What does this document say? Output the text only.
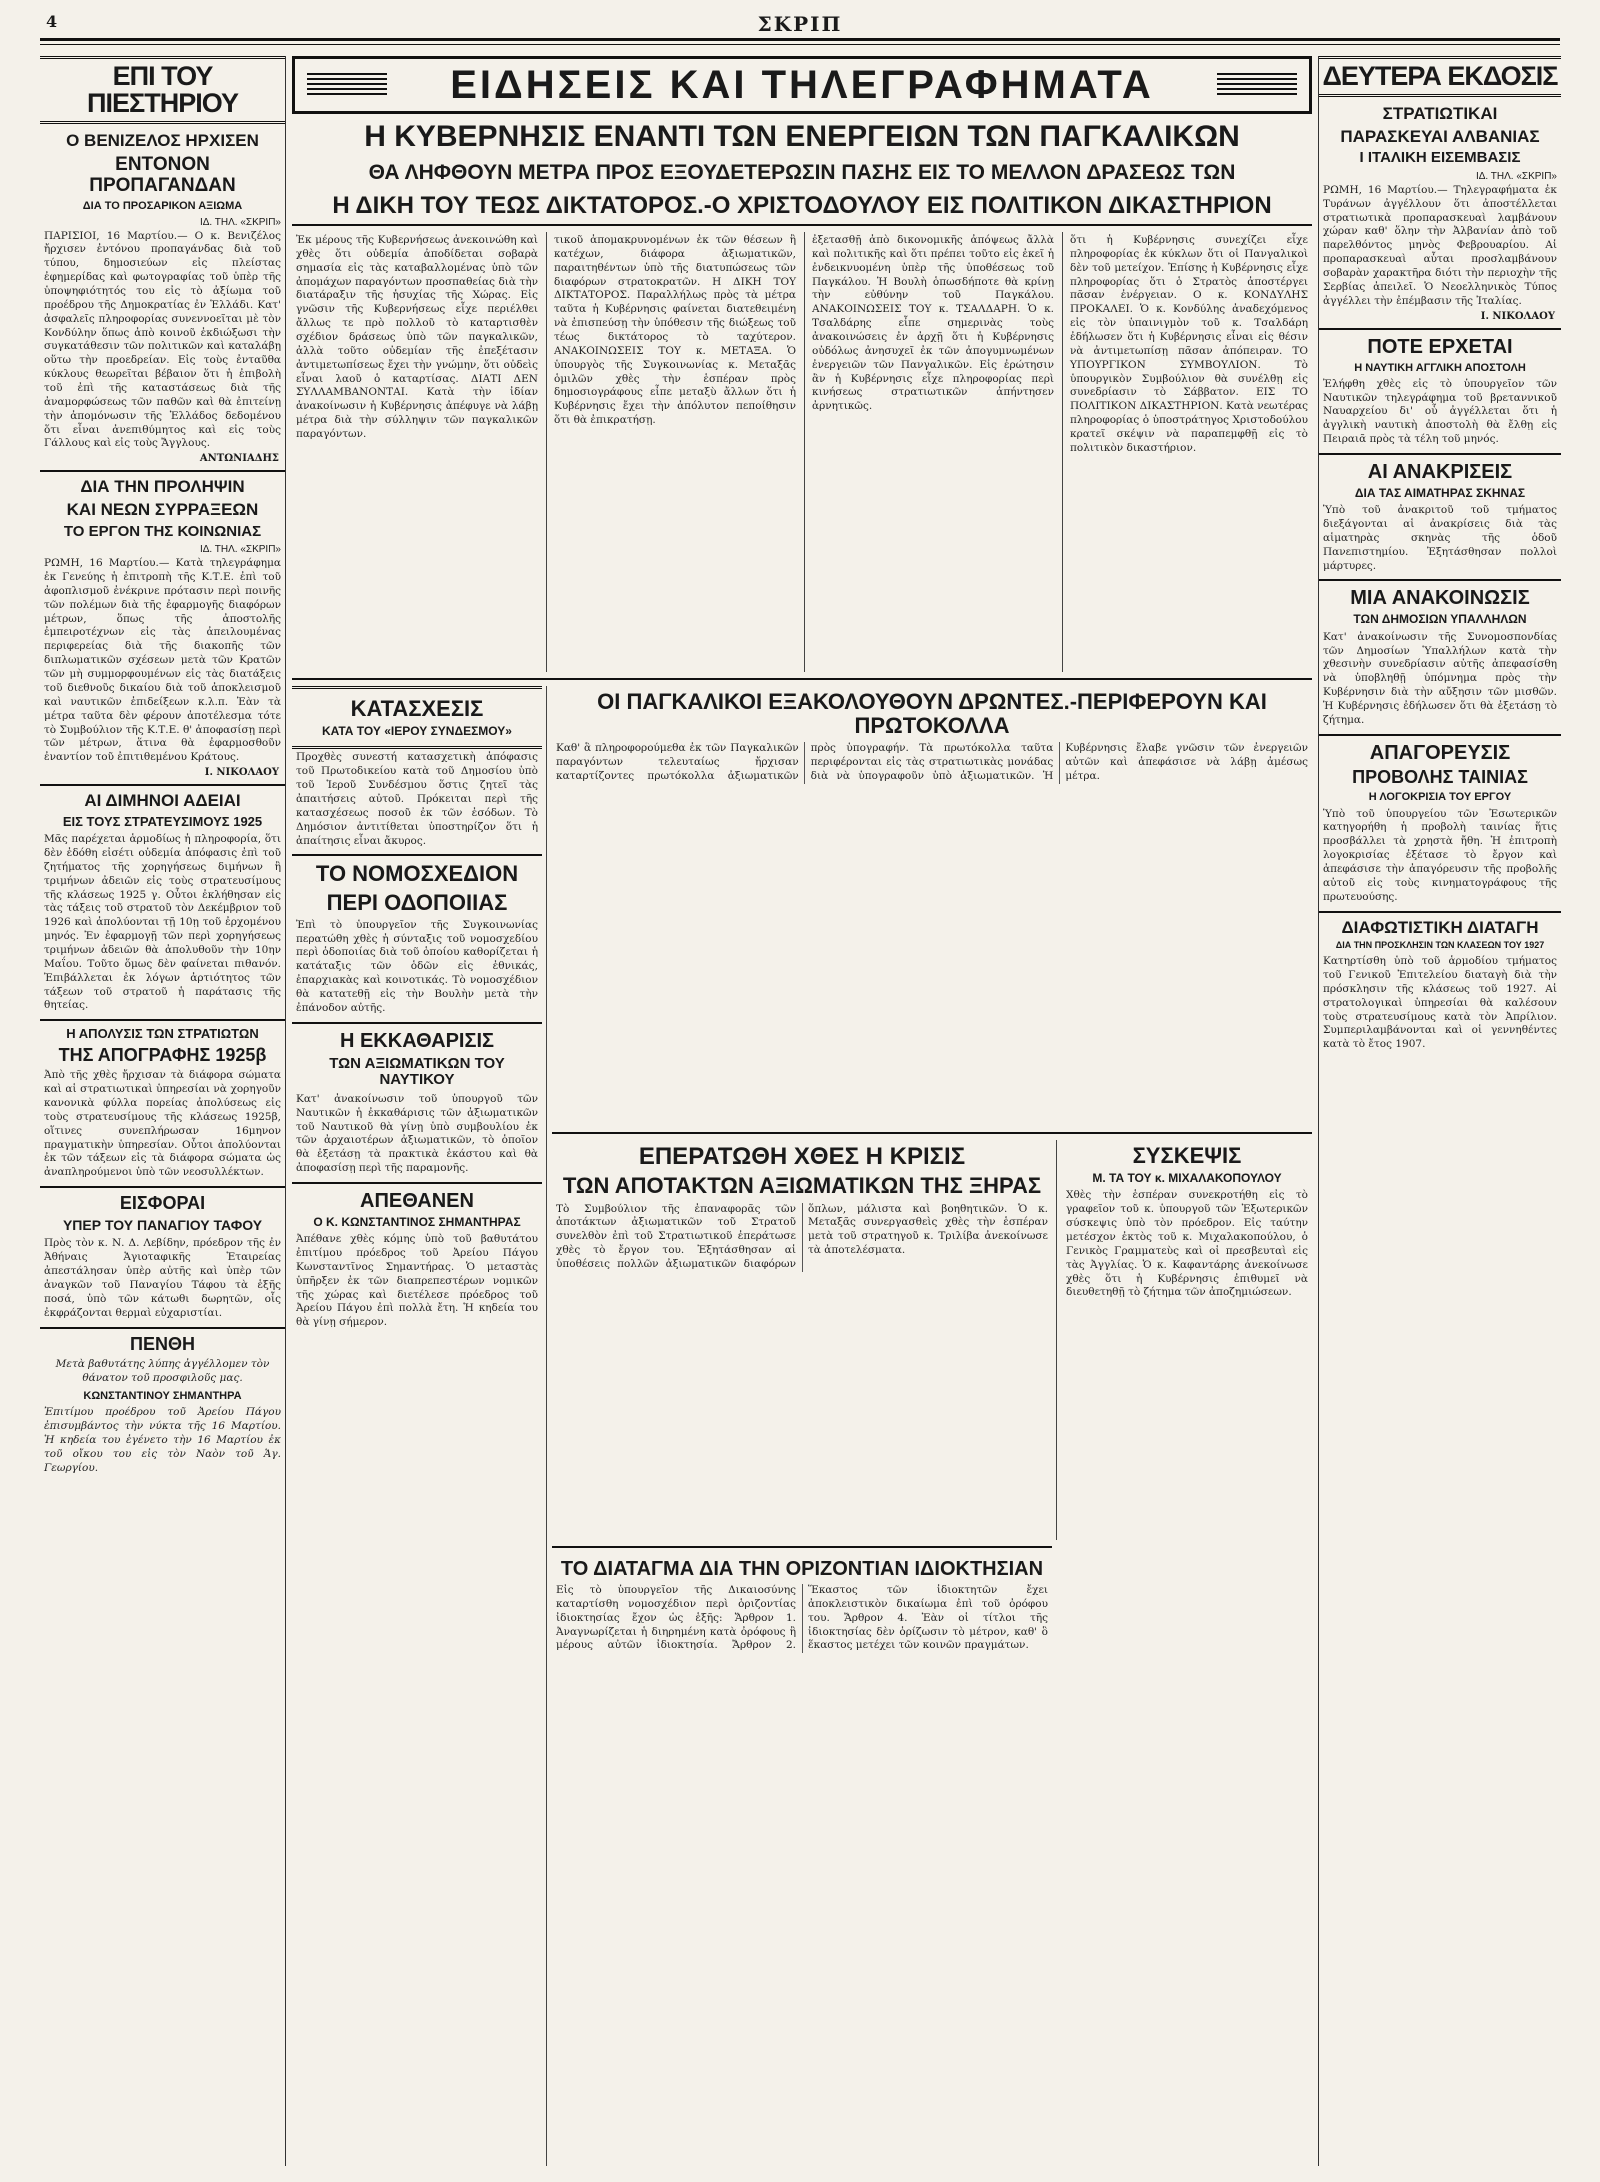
4	ΣΚΡΙΠ
ΕΠΙ ΤΟΥ ΠΙΕΣΤΗΡΙΟΥ
Ο ΒΕΝΙΖΕΛΟΣ ΗΡΧΙΣΕΝ
ΕΝΤΟΝΟΝ ΠΡΟΠΑΓΑΝΔΑΝ
ΔΙΑ ΤΟ ΠΡΟΣΑΡΙΚΟΝ ΑΞΙΩΜΑ
ΙΔ. ΤΗΛ. «ΣΚΡΙΠ»

ΠΑΡΙΣΙΟΙ, 16 Μαρτίου.— Ο κ. Βενιζέλος ἤρχισεν ἐντόνου προπαγάνδας διὰ τοῦ τύπου, δημοσιεύων εἰς πλείστας ἐφημερίδας καὶ φωτογραφίας τοῦ ὑπὲρ τῆς ὑποψηφιότητός του εἰς τὸ ἀξίωμα τοῦ προέδρου τῆς Δημοκρατίας ἐν Ἑλλάδι. Κατ' ἀσφαλεῖς πληροφορίας συνεννοεῖται μὲ τὸν Κονδύλην ὅπως ἀπὸ κοινοῦ ἐκδιώξωσι τὴν συγκατάθεσιν τῶν πολιτικῶν καὶ καταλάβῃ οὕτω τὴν προεδρείαν. Εἰς τοὺς ἐνταῦθα κύκλους θεωρεῖται βέβαιον ὅτι ἡ ἐπιβολὴ τοῦ ἐπὶ τῆς καταστάσεως διὰ τῆς ἀναμορφώσεως τῶν παθῶν καὶ θὰ ἐπιτείνῃ τὴν ἀπομόνωσιν τῆς Ἑλλάδος δεδομένου ὅτι εἶναι ἀνεπιθύμητος καὶ εἰς τοὺς Γάλλους καὶ εἰς τοὺς Ἄγγλους.

ΑΝΤΩΝΙΑΔΗΣ
ΔΙΑ ΤΗΝ ΠΡΟΛΗΨΙΝ
ΚΑΙ ΝΕΩΝ ΣΥΡΡΑΞΕΩΝ
ΤΟ ΕΡΓΟΝ ΤΗΣ ΚΟΙΝΩΝΙΑΣ
ΙΔ. ΤΗΛ. «ΣΚΡΙΠ»

ΡΩΜΗ, 16 Μαρτίου.— Κατὰ τηλεγράφημα ἐκ Γενεύης ἡ ἐπιτροπὴ τῆς Κ.Τ.Ε. ἐπὶ τοῦ ἀφοπλισμοῦ ἐνέκρινε πρότασιν περὶ ποινῆς τῶν πολέμων διὰ τῆς ἐφαρμογῆς διαφόρων μέτρων, ὅπως τῆς ἀποστολῆς ἐμπειροτέχνων εἰς τὰς ἀπειλουμένας περιφερείας διὰ τῆς διακοπῆς τῶν διπλωματικῶν σχέσεων μετὰ τῶν Κρατῶν τῶν μὴ συμμορφουμένων εἰς τὰς διατάξεις τοῦ διεθνοῦς δικαίου διὰ τοῦ ἀποκλεισμοῦ καὶ ναυτικῶν ἐπιδείξεων κ.λ.π. Ἐὰν τὰ μέτρα ταῦτα δὲν φέρουν ἀποτέλεσμα τότε τὸ Συμβούλιον τῆς Κ.Τ.Ε. θ' ἀποφασίσῃ περὶ τῶν μέτρων, ἅτινα θὰ ἐφαρμοσθοῦν ἐναντίον τοῦ ἐπιτιθεμένου Κράτους.

Ι. ΝΙΚΟΛΑΟΥ
ΑΙ ΔΙΜΗΝΟΙ ΑΔΕΙΑΙ
ΕΙΣ ΤΟΥΣ ΣΤΡΑΤΕΥΣΙΜΟΥΣ 1925

Μᾶς παρέχεται ἁρμοδίως ἡ πληροφορία, ὅτι δὲν ἐδόθη εἰσέτι οὐδεμία ἀπόφασις ἐπὶ τοῦ ζητήματος τῆς χορηγήσεως διμήνων ἢ τριμήνων ἀδειῶν εἰς τοὺς στρατευσίμους τῆς κλάσεως 1925 γ. Οὗτοι ἐκλήθησαν εἰς τὰς τάξεις τοῦ στρατοῦ τὸν Δεκέμβριον τοῦ 1926 καὶ ἀπολύονται τῇ 10ῃ τοῦ ἐρχομένου μηνός. Ἐν ἐφαρμογῇ τῶν περὶ χορηγήσεως τριμήνων ἀδειῶν θὰ ἀπολυθοῦν τὴν 10ην Μαΐου. Τοῦτο ὅμως δὲν φαίνεται πιθανόν. Ἐπιβάλλεται ἐκ λόγων ἀρτιότητος τῶν τάξεων τοῦ στρατοῦ ἡ παράτασις τῆς θητείας.

Η ΑΠΟΛΥΣΙΣ ΤΩΝ ΣΤΡΑΤΙΩΤΩΝ
ΤΗΣ ΑΠΟΓΡΑΦΗΣ 1925β

Ἀπὸ τῆς χθὲς ἤρχισαν τὰ διάφορα σώματα καὶ αἱ στρατιωτικαὶ ὑπηρεσίαι νὰ χορηγοῦν κανονικὰ φύλλα πορείας ἀπολύσεως εἰς τοὺς στρατευσίμους τῆς κλάσεως 1925β, οἵτινες συνεπλήρωσαν 16μηνον πραγματικὴν ὑπηρεσίαν. Οὗτοι ἀπολύονται ἐκ τῶν τάξεων εἰς τὰ διάφορα σώματα ὡς ἀναπληρούμενοι ὑπὸ τῶν νεοσυλλέκτων.

ΕΙΣΦΟΡΑΙ
ΥΠΕΡ ΤΟΥ ΠΑΝΑΓΙΟΥ ΤΑΦΟΥ

Πρὸς τὸν κ. Ν. Δ. Λεβίδην, πρόεδρον τῆς ἐν Ἀθήναις Ἁγιοταφικῆς Ἑταιρείας ἀπεστάλησαν ὑπὲρ αὐτῆς καὶ ὑπὲρ τῶν ἀναγκῶν τοῦ Παναγίου Τάφου τὰ ἑξῆς ποσά, ὑπὸ τῶν κάτωθι δωρητῶν, οἷς ἐκφράζονται θερμαὶ εὐχαριστίαι.

ΠΕΝΘΗ

Μετὰ βαθυτάτης λύπης ἀγγέλλομεν τὸν θάνατον τοῦ προσφιλοῦς μας.

ΚΩΝΣΤΑΝΤΙΝΟΥ ΣΗΜΑΝΤΗΡΑ

Ἐπιτίμου προέδρου τοῦ Ἀρείου Πάγου ἐπισυμβάντος τὴν νύκτα τῆς 16 Μαρτίου. Ἡ κηδεία του ἐγένετο τὴν 16 Μαρτίου ἐκ τοῦ οἴκου του εἰς τὸν Ναὸν τοῦ Ἁγ. Γεωργίου.

ΕΙΔΗΣΕΙΣ ΚΑΙ ΤΗΛΕΓΡΑΦΗΜΑΤΑ
Η ΚΥΒΕΡΝΗΣΙΣ ΕΝΑΝΤΙ ΤΩΝ ΕΝΕΡΓΕΙΩΝ ΤΩΝ ΠΑΓΚΑΛΙΚΩΝ
ΘΑ ΛΗΦΘΟΥΝ ΜΕΤΡΑ ΠΡΟΣ ΕΞΟΥΔΕΤΕΡΩΣΙΝ ΠΑΣΗΣ ΕΙΣ ΤΟ ΜΕΛΛΟΝ ΔΡΑΣΕΩΣ ΤΩΝ
Η ΔΙΚΗ ΤΟΥ ΤΕΩΣ ΔΙΚΤΑΤΟΡΟΣ.-Ο ΧΡΙΣΤΟΔΟΥΛΟΥ ΕΙΣ ΠΟΛΙΤΙΚΟΝ ΔΙΚΑΣΤΗΡΙΟΝ

Ἐκ μέρους τῆς Κυβερνήσεως ἀνεκοινώθη καὶ χθὲς ὅτι οὐδεμία ἀποδίδεται σοβαρὰ σημασία εἰς τὰς καταβαλλομένας ὑπὸ τῶν ἀπομάχων παραγόντων προσπαθείας διὰ τὴν διατάραξιν τῆς ἡσυχίας τῆς Χώρας. Εἰς γνῶσιν τῆς Κυβερνήσεως εἶχε περιέλθει ἄλλως τε πρὸ πολλοῦ τὸ καταρτισθὲν σχέδιον δράσεως ὑπὸ τῶν παγκαλικῶν, ἀλλὰ τοῦτο οὐδεμίαν τῆς ἐπεξέτασιν ἀντιμετωπίσεως ἔχει τὴν γνώμην, ὅτι οὐδεὶς εἶναι λαοῦ ὁ καταρτίσας. ΔΙΑΤΙ ΔΕΝ ΣΥΛΛΑΜΒΑΝΟΝΤΑΙ. Κατὰ τὴν ἰδίαν ἀνακοίνωσιν ἡ Κυβέρνησις ἀπέφυγε νὰ λάβῃ μέτρα διὰ τὴν σύλληψιν τῶν παγκαλικῶν παραγόντων.

τικοῦ ἀπομακρυνομένων ἐκ τῶν θέσεων ἢ κατέχων, διάφορα ἀξιωματικῶν, παραιτηθέντων ὑπὸ τῆς διατυπώσεως τῶν διαφόρων στρατοκρατῶν. Η ΔΙΚΗ ΤΟΥ ΔΙΚΤΑΤΟΡΟΣ. Παραλλήλως πρὸς τὰ μέτρα ταῦτα ἡ Κυβέρνησις φαίνεται διατεθειμένη νὰ ἐπισπεύσῃ τὴν ὑπόθεσιν τῆς διώξεως τοῦ τέως δικτάτορος τὸ ταχύτερον. ΑΝΑΚΟΙΝΩΣΕΙΣ ΤΟΥ κ. ΜΕΤΑΞΑ. Ὁ ὑπουργὸς τῆς Συγκοινωνίας κ. Μεταξᾶς ὁμιλῶν χθὲς τὴν ἑσπέραν πρὸς δημοσιογράφους εἶπε μεταξὺ ἄλλων ὅτι ἡ Κυβέρνησις ἔχει τὴν ἀπόλυτον πεποίθησιν ὅτι θὰ ἐπικρατήσῃ.

ἐξετασθῇ ἀπὸ δικονομικῆς ἀπόψεως ἄλλὰ καὶ πολιτικῆς καὶ ὅτι πρέπει τοῦτο εἰς ἐκεῖ ἡ ἐνδεικνυομένη ὑπὲρ τῆς ὑποθέσεως τοῦ Παγκάλου. Ἡ Βουλὴ ὁπωσδήποτε θὰ κρίνῃ τὴν εὐθύνην τοῦ Παγκάλου. ΑΝΑΚΟΙΝΩΣΕΙΣ ΤΟΥ κ. ΤΣΑΛΔΑΡΗ. Ὁ κ. Τσαλδάρης εἶπε σημερινὰς τοὺς ἀνακοινώσεις ἐν ἀρχῇ ὅτι ἡ Κυβέρνησις οὐδόλως ἀνησυχεῖ ἐκ τῶν ἀπογυμνωμένων ἐνεργειῶν τῶν Πανγαλικῶν. Εἰς ἐρώτησιν ἂν ἡ Κυβέρνησις εἶχε πληροφορίας περὶ κινήσεως στρατιωτικῶν ἀπήντησεν ἀρνητικῶς.

ὅτι ἡ Κυβέρνησις συνεχίζει εἶχε πληροφορίας ἐκ κύκλων ὅτι οἱ Πανγαλικοὶ δὲν τοῦ μετείχον. Ἐπίσης ἡ Κυβέρνησις εἶχε πληροφορίας ὅτι ὁ Στρατὸς ἀποστέργει πᾶσαν ἐνέργειαν. Ο κ. ΚΟΝΔΥΛΗΣ ΠΡΟΚΑΛΕΙ. Ὁ κ. Κονδύλης ἀναδεχόμενος εἰς τὸν ὑπαινιγμὸν τοῦ κ. Τσαλδάρη ἐδήλωσεν ὅτι ἡ Κυβέρνησις εἶναι εἰς θέσιν νὰ ἀντιμετωπίσῃ πᾶσαν ἀπόπειραν. ΤΟ ΥΠΟΥΡΓΙΚΟΝ ΣΥΜΒΟΥΛΙΟΝ. Τὸ ὑπουργικὸν Συμβούλιον θὰ συνέλθῃ εἰς συνεδρίασιν τὸ Σάββατον. ΕΙΣ ΤΟ ΠΟΛΙΤΙΚΟΝ ΔΙΚΑΣΤΗΡΙΟΝ. Κατὰ νεωτέρας πληροφορίας ὁ ὑποστράτηγος Χριστοδούλου κρατεῖ σκέψιν νὰ παραπεμφθῇ εἰς τὸ πολιτικὸν δικαστήριον.

ΚΑΤΑΣΧΕΣΙΣ
ΚΑΤΑ ΤΟΥ «ΙΕΡΟΥ ΣΥΝΔΕΣΜΟΥ»

Προχθὲς συνεστή κατασχετικὴ ἀπόφασις τοῦ Πρωτοδικείου κατὰ τοῦ Δημοσίου ὑπὸ τοῦ Ἱεροῦ Συνδέσμου ὅστις ζητεῖ τὰς ἀπαιτήσεις αὐτοῦ. Πρόκειται περὶ τῆς κατασχέσεως ποσοῦ ἐκ τῶν ἐσόδων. Τὸ Δημόσιον ἀντιτίθεται ὑποστηρίζον ὅτι ἡ ἀπαίτησις εἶναι ἄκυρος.

ΤΟ ΝΟΜΟΣΧΕΔΙΟΝ
ΠΕΡΙ ΟΔΟΠΟΙΙΑΣ

Ἐπὶ τὸ ὑπουργεῖον τῆς Συγκοινωνίας περατώθη χθὲς ἡ σύνταξις τοῦ νομοσχεδίου περὶ ὁδοποιίας διὰ τοῦ ὁποίου καθορίζεται ἡ κατάταξις τῶν ὁδῶν εἰς ἐθνικάς, ἐπαρχιακὰς καὶ κοινοτικάς. Τὸ νομοσχέδιον θὰ κατατεθῇ εἰς τὴν Βουλὴν μετὰ τὴν ἐπάνοδον αὐτῆς.

Η ΕΚΚΑΘΑΡΙΣΙΣ
ΤΩΝ ΑΞΙΩΜΑΤΙΚΩΝ ΤΟΥ ΝΑΥΤΙΚΟΥ

Κατ' ἀνακοίνωσιν τοῦ ὑπουργοῦ τῶν Ναυτικῶν ἡ ἐκκαθάρισις τῶν ἀξιωματικῶν τοῦ Ναυτικοῦ θὰ γίνῃ ὑπὸ συμβουλίου ἐκ τῶν ἀρχαιοτέρων ἀξιωματικῶν, τὸ ὁποῖον θὰ ἐξετάσῃ τὰ πρακτικὰ ἑκάστου καὶ θὰ ἀποφασίσῃ περὶ τῆς παραμονῆς.

ΑΠΕΘΑΝΕΝ
Ο Κ. ΚΩΝΣΤΑΝΤΙΝΟΣ ΣΗΜΑΝΤΗΡΑΣ

Ἀπέθανε χθὲς κόμης ὑπὸ τοῦ βαθυτάτου ἐπιτίμου πρόεδρος τοῦ Ἀρείου Πάγου Κωνσταντῖνος Σημαντήρας. Ὁ μεταστὰς ὑπῆρξεν ἐκ τῶν διαπρεπεστέρων νομικῶν τῆς χώρας καὶ διετέλεσε πρόεδρος τοῦ Ἀρείου Πάγου ἐπὶ πολλὰ ἔτη. Ἡ κηδεία του θὰ γίνῃ σήμερον.

ΟΙ ΠΑΓΚΑΛΙΚΟΙ ΕΞΑΚΟΛΟΥΘΟΥΝ ΔΡΩΝΤΕΣ.-ΠΕΡΙΦΕΡΟΥΝ ΚΑΙ ΠΡΩΤΟΚΟΛΛΑ

Καθ' ἃ πληροφορούμεθα ἐκ τῶν Παγκαλικῶν παραγόντων τελευταίως ἤρχισαν καταρτίζοντες πρωτόκολλα ἀξιωματικῶν πρὸς ὑπογραφήν. Τὰ πρωτόκολλα ταῦτα περιφέρονται εἰς τὰς στρατιωτικὰς μονάδας διὰ νὰ ὑπογραφοῦν ὑπὸ ἀξιωματικῶν. Ἡ Κυβέρνησις ἔλαβε γνῶσιν τῶν ἐνεργειῶν αὐτῶν καὶ ἀπεφάσισε νὰ λάβῃ ἀμέσως μέτρα.

ΕΠΕΡΑΤΩΘΗ ΧΘΕΣ Η ΚΡΙΣΙΣ
ΤΩΝ ΑΠΟΤΑΚΤΩΝ ΑΞΙΩΜΑΤΙΚΩΝ ΤΗΣ ΞΗΡΑΣ

Τὸ Συμβούλιον τῆς ἐπαναφορᾶς τῶν ἀποτάκτων ἀξιωματικῶν τοῦ Στρατοῦ συνελθὸν ἐπὶ τοῦ Στρατιωτικοῦ ἐπεράτωσε χθὲς τὸ ἔργον του. Ἐξητάσθησαν αἱ ὑποθέσεις πολλῶν ἀξιωματικῶν διαφόρων ὅπλων, μάλιστα καὶ βοηθητικῶν. Ὁ κ. Μεταξᾶς συνεργασθεὶς χθὲς τὴν ἑσπέραν μετὰ τοῦ στρατηγοῦ κ. Τριλίβα ἀνεκοίνωσε τὰ ἀποτελέσματα.

ΣΥΣΚΕΨΙΣ
Μ. ΤΑ ΤΟΥ κ. ΜΙΧΑΛΑΚΟΠΟΥΛΟΥ

Χθὲς τὴν ἑσπέραν συνεκροτήθη εἰς τὸ γραφεῖον τοῦ κ. ὑπουργοῦ τῶν Ἐξωτερικῶν σύσκεψις ὑπὸ τὸν πρόεδρον. Εἰς ταύτην μετέσχον ἐκτὸς τοῦ κ. Μιχαλακοπούλου, ὁ Γενικὸς Γραμματεὺς καὶ οἱ πρεσβευταὶ εἰς τὰς Ἀγγλίας. Ὁ κ. Καφαντάρης ἀνεκοίνωσε χθὲς ὅτι ἡ Κυβέρνησις ἐπιθυμεῖ νὰ διευθετηθῇ τὸ ζήτημα τῶν ἀποζημιώσεων.

ΤΟ ΔΙΑΤΑΓΜΑ ΔΙΑ ΤΗΝ ΟΡΙΖΟΝΤΙΑΝ ΙΔΙΟΚΤΗΣΙΑΝ

Εἰς τὸ ὑπουργεῖον τῆς Δικαιοσύνης καταρτίσθη νομοσχέδιον περὶ ὁριζοντίας ἰδιοκτησίας ἔχον ὡς ἑξῆς: Ἄρθρον 1. Ἀναγνωρίζεται ἡ διηρημένη κατὰ ὀρόφους ἢ μέρους αὐτῶν ἰδιοκτησία. Ἄρθρον 2. Ἕκαστος τῶν ἰδιοκτητῶν ἔχει ἀποκλειστικὸν δικαίωμα ἐπὶ τοῦ ὀρόφου του. Ἄρθρον 4. Ἐὰν οἱ τίτλοι τῆς ἰδιοκτησίας δὲν ὁρίζωσιν τὸ μέτρον, καθ' ὃ ἕκαστος μετέχει τῶν κοινῶν πραγμάτων.

ΔΕΥΤΕΡΑ ΕΚΔΟΣΙΣ
ΣΤΡΑΤΙΩΤΙΚΑΙ
ΠΑΡΑΣΚΕΥΑΙ ΑΛΒΑΝΙΑΣ
Ι ΙΤΑΛΙΚΗ ΕΙΣΕΜΒΑΣΙΣ
ΙΔ. ΤΗΛ. «ΣΚΡΙΠ»

ΡΩΜΗ, 16 Μαρτίου.— Τηλεγραφήματα ἐκ Τυράνων ἀγγέλλουν ὅτι ἀποστέλλεται στρατιωτικὰ προπαρασκευαὶ λαμβάνουν χώραν καθ' ὅλην τὴν Ἀλβανίαν ἀπὸ τοῦ παρελθόντος μηνὸς Φεβρουαρίου. Αἱ προπαρασκευαὶ αὗται προσλαμβάνουν σοβαρὰν χαρακτῆρα διότι τὴν περιοχὴν τῆς Σερβίας ἀπειλεῖ. Ὁ Νεοελληνικὸς Τύπος ἀγγέλλει τὴν ἐπέμβασιν τῆς Ἰταλίας.

Ι. ΝΙΚΟΛΑΟΥ
ΠΟΤΕ ΕΡΧΕΤΑΙ
Η ΝΑΥΤΙΚΗ ΑΓΓΛΙΚΗ ΑΠΟΣΤΟΛΗ

Ἐλήφθη χθὲς εἰς τὸ ὑπουργεῖον τῶν Ναυτικῶν τηλεγράφημα τοῦ βρεταννικοῦ Ναυαρχείου δι' οὗ ἀγγέλλεται ὅτι ἡ ἀγγλικὴ ναυτικὴ ἀποστολὴ θὰ ἔλθῃ εἰς Πειραιᾶ πρὸς τὰ τέλη τοῦ μηνός.

ΑΙ ΑΝΑΚΡΙΣΕΙΣ
ΔΙΑ ΤΑΣ ΑΙΜΑΤΗΡΑΣ ΣΚΗΝΑΣ

Ὑπὸ τοῦ ἀνακριτοῦ τοῦ τμήματος διεξάγονται αἱ ἀνακρίσεις διὰ τὰς αἱματηρὰς σκηνὰς τῆς ὁδοῦ Πανεπιστημίου. Ἐξητάσθησαν πολλοὶ μάρτυρες.

ΜΙΑ ΑΝΑΚΟΙΝΩΣΙΣ
ΤΩΝ ΔΗΜΟΣΙΩΝ ΥΠΑΛΛΗΛΩΝ

Κατ' ἀνακοίνωσιν τῆς Συνομοσπονδίας τῶν Δημοσίων Ὑπαλλήλων κατὰ τὴν χθεσινὴν συνεδρίασιν αὐτῆς ἀπεφασίσθη νὰ ὑποβληθῇ ὑπόμνημα πρὸς τὴν Κυβέρνησιν διὰ τὴν αὔξησιν τῶν μισθῶν. Ἡ Κυβέρνησις ἐδήλωσεν ὅτι θὰ ἐξετάσῃ τὸ ζήτημα.

ΑΠΑΓΟΡΕΥΣΙΣ
ΠΡΟΒΟΛΗΣ ΤΑΙΝΙΑΣ
Η ΛΟΓΟΚΡΙΣΙΑ ΤΟΥ ΕΡΓΟΥ

Ὑπὸ τοῦ ὑπουργείου τῶν Ἐσωτερικῶν κατηγορήθη ἡ προβολὴ ταινίας ἥτις προσβάλλει τὰ χρηστὰ ἤθη. Ἡ ἐπιτροπὴ λογοκρισίας ἐξέτασε τὸ ἔργον καὶ ἀπεφάσισε τὴν ἀπαγόρευσιν τῆς προβολῆς αὐτοῦ εἰς τοὺς κινηματογράφους τῆς πρωτευούσης.

ΔΙΑΦΩΤΙΣΤΙΚΗ ΔΙΑΤΑΓΗ
ΔΙΑ ΤΗΝ ΠΡΟΣΚΛΗΣΙΝ ΤΩΝ ΚΛΑΣΕΩΝ ΤΟΥ 1927

Κατηρτίσθη ὑπὸ τοῦ ἁρμοδίου τμήματος τοῦ Γενικοῦ Ἐπιτελείου διαταγὴ διὰ τὴν πρόσκλησιν τῆς κλάσεως τοῦ 1927. Αἱ στρατολογικαὶ ὑπηρεσίαι θὰ καλέσουν τοὺς στρατευσίμους κατὰ τὸν Ἀπρίλιον. Συμπεριλαμβάνονται καὶ οἱ γεννηθέντες κατὰ τὸ ἔτος 1907.
